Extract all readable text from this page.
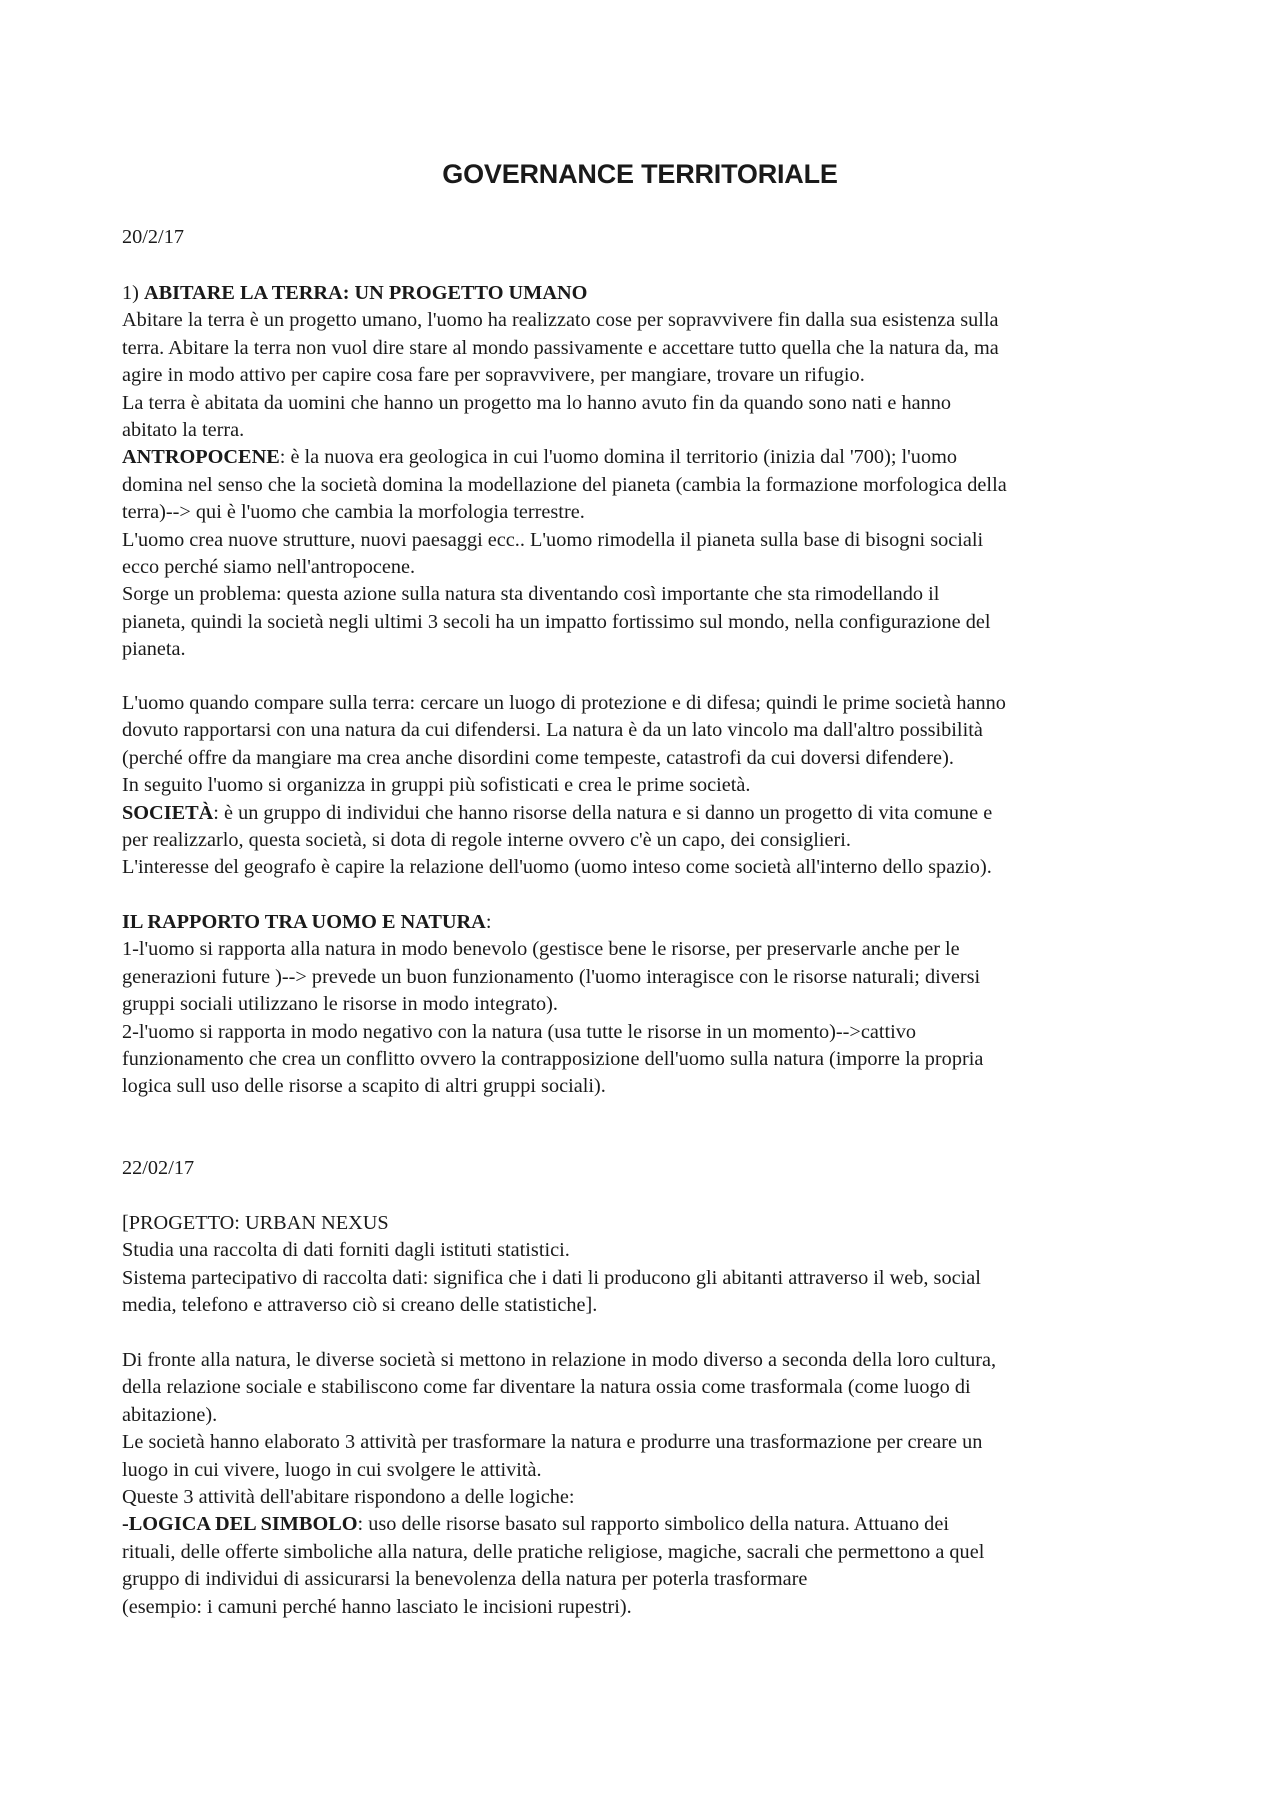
GOVERNANCE TERRITORIALE
20/2/17
1) ABITARE LA TERRA: UN PROGETTO UMANO
Abitare la terra è un progetto umano, l'uomo ha realizzato cose per sopravvivere fin dalla sua esistenza sulla
terra. Abitare la terra non vuol dire stare al mondo passivamente e accettare tutto quella che la natura da, ma
agire in modo attivo per capire cosa fare per sopravvivere, per mangiare, trovare un rifugio.
La terra è abitata da uomini che hanno un progetto ma lo hanno avuto fin da quando sono nati e hanno
abitato la terra.
ANTROPOCENE: è la nuova era geologica in cui l'uomo domina il territorio (inizia dal '700); l'uomo
domina nel senso che la società domina la modellazione del pianeta (cambia la formazione morfologica della
terra)--> qui è l'uomo che cambia la morfologia terrestre.
L'uomo crea nuove strutture, nuovi paesaggi ecc.. L'uomo rimodella il pianeta sulla base di bisogni sociali
ecco perché siamo nell'antropocene.
Sorge un problema: questa azione sulla natura sta diventando così importante che sta rimodellando il
pianeta, quindi la società negli ultimi 3 secoli ha un impatto fortissimo sul mondo, nella configurazione del
pianeta.
L'uomo quando compare sulla terra: cercare un luogo di protezione e di difesa; quindi le prime società hanno
dovuto rapportarsi con una natura da cui difendersi. La natura è da un lato vincolo ma dall'altro possibilità
(perché offre da mangiare ma crea anche disordini come tempeste, catastrofi da cui doversi difendere).
In seguito l'uomo si organizza in gruppi più sofisticati e crea le prime società.
SOCIETÀ: è un gruppo di individui che hanno risorse della natura e si danno un progetto di vita comune e
per realizzarlo, questa società, si dota di regole interne ovvero c'è un capo, dei consiglieri.
L'interesse del geografo è capire la relazione dell'uomo (uomo inteso come società all'interno dello spazio).
IL RAPPORTO TRA UOMO E NATURA:
1-l'uomo si rapporta alla natura in modo benevolo (gestisce bene le risorse, per preservarle anche per le
generazioni future )--> prevede un buon funzionamento (l'uomo interagisce con le risorse naturali; diversi
gruppi sociali utilizzano le risorse in modo integrato).
2-l'uomo si rapporta in modo negativo con la natura (usa tutte le risorse in un momento)-->cattivo
funzionamento che crea un conflitto ovvero la contrapposizione dell'uomo sulla natura (imporre la propria
logica sull uso delle risorse a scapito di altri gruppi sociali).
22/02/17
[PROGETTO: URBAN NEXUS
Studia una raccolta di dati forniti dagli istituti statistici.
Sistema partecipativo di raccolta dati: significa che i dati li producono gli abitanti attraverso il web, social
media, telefono e attraverso ciò si creano delle statistiche].
Di fronte alla natura, le diverse società si mettono in relazione in modo diverso a seconda della loro cultura,
della relazione sociale e stabiliscono come far diventare la natura ossia come trasformala (come luogo di
abitazione).
Le società hanno elaborato 3 attività per trasformare la natura e produrre una trasformazione per creare un
luogo in cui vivere, luogo in cui svolgere le attività.
Queste 3 attività dell'abitare rispondono a delle logiche:
-LOGICA DEL SIMBOLO: uso delle risorse basato sul rapporto simbolico della natura. Attuano dei
rituali, delle offerte simboliche alla natura, delle pratiche religiose, magiche, sacrali che permettono a quel
gruppo di individui di assicurarsi la benevolenza della natura per poterla trasformare
(esempio: i camuni perché hanno lasciato le incisioni rupestri).
